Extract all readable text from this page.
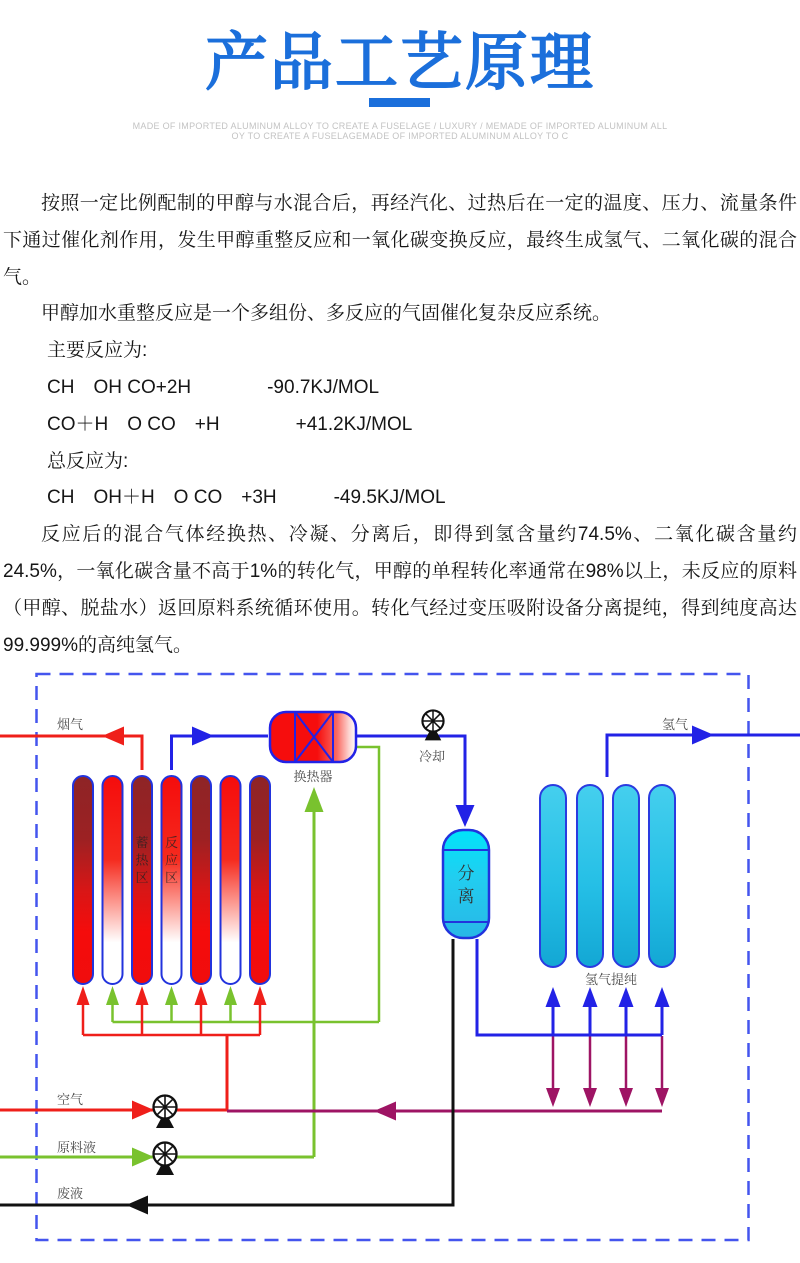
产品工艺原理
MADE OF IMPORTED ALUMINUM ALLOY TO CREATE A FUSELAGE / LUXURY / MEMADE OF IMPORTED ALUMINUM ALL
OY TO CREATE A FUSELAGEMADE OF IMPORTED ALUMINUM ALLOY TO C

按照一定比例配制的甲醇与水混合后，再经汽化、过热后在一定的温度、压力、流量条件下通过催化剂作用，发生甲醇重整反应和一氧化碳变换反应，最终生成氢气、二氧化碳的混合气。

甲醇加水重整反应是一个多组份、多反应的气固催化复杂反应系统。

主要反应为:
CH　OH CO+2H　　　　-90.7KJ/MOL
CO＋H　O CO　+H　　　　+41.2KJ/MOL
总反应为:
CH　OH＋H　O CO　+3H　　　-49.5KJ/MOL

反应后的混合气体经换热、冷凝、分离后，即得到氢含量约74.5%、二氧化碳含量约24.5%，一氧化碳含量不高于1%的转化气，甲醇的单程转化率通常在98%以上，未反应的原料（甲醇、脱盐水）返回原料系统循环使用。转化气经过变压吸附设备分离提纯，得到纯度高达99.999%的高纯氢气。

烟气	氢气
蓄热区
反应区
换热器
冷却
分离
氢气提纯
空气
原料液
废液
